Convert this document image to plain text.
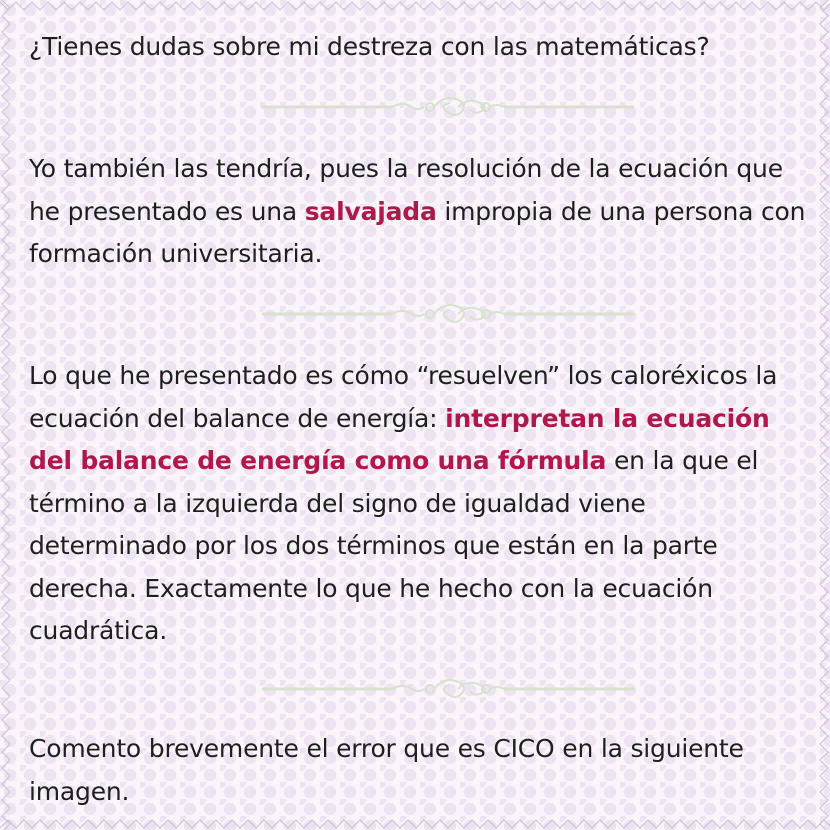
¿Tienes dudas sobre mi destreza con las matemáticas?

Yo también las tendría, pues la resolución de la ecuación que he presentado es una salvajada impropia de una persona con formación universitaria.

Lo que he presentado es cómo “resuelven” los caloréxicos la ecuación del balance de energía: interpretan la ecuación del balance de energía como una fórmula en la que el término a la izquierda del signo de igualdad viene determinado por los dos términos que están en la parte derecha. Exactamente lo que he hecho con la ecuación cuadrática.

Comento brevemente el error que es CICO en la siguiente imagen.
